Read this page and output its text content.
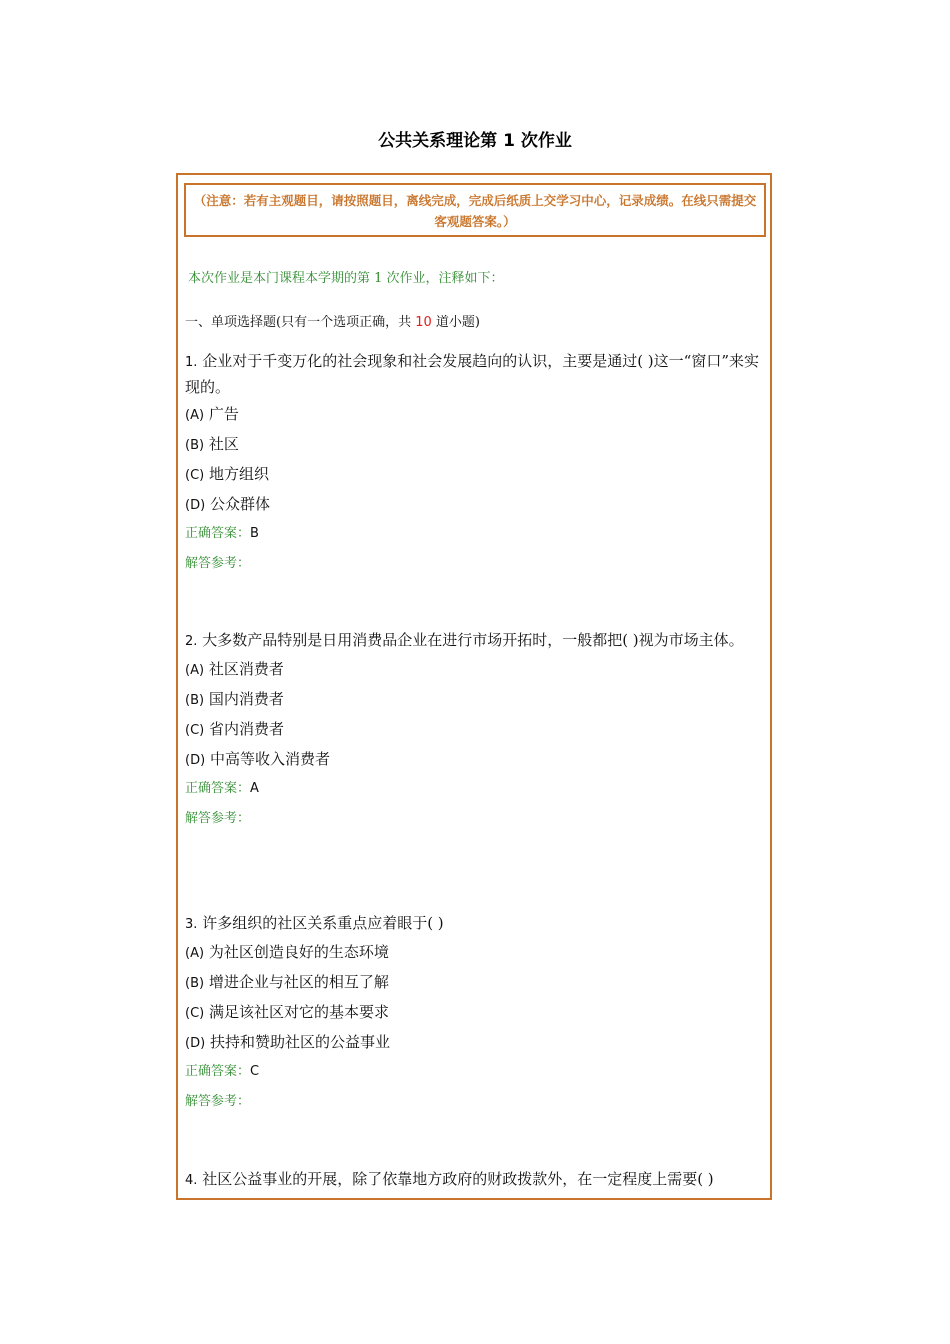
公共关系理论第 1 次作业
（注意：若有主观题目，请按照题目，离线完成，完成后纸质上交学习中心，记录成绩。在线只需提交客观题答案。）
本次作业是本门课程本学期的第 1 次作业，注释如下：
一、单项选择题(只有一个选项正确，共 10 道小题)

1. 企业对于千变万化的社会现象和社会发展趋向的认识，主要是通过( )这一“窗口”来实现的。

(A) 广告

(B) 社区

(C) 地方组织

(D) 公众群体

正确答案：B

解答参考：

2. 大多数产品特别是日用消费品企业在进行市场开拓时，一般都把( )视为市场主体。

(A) 社区消费者

(B) 国内消费者

(C) 省内消费者

(D) 中高等收入消费者

正确答案：A

解答参考：

3. 许多组织的社区关系重点应着眼于( )

(A) 为社区创造良好的生态环境

(B) 增进企业与社区的相互了解

(C) 满足该社区对它的基本要求

(D) 扶持和赞助社区的公益事业

正确答案：C

解答参考：

4. 社区公益事业的开展，除了依靠地方政府的财政拨款外，在一定程度上需要( )
